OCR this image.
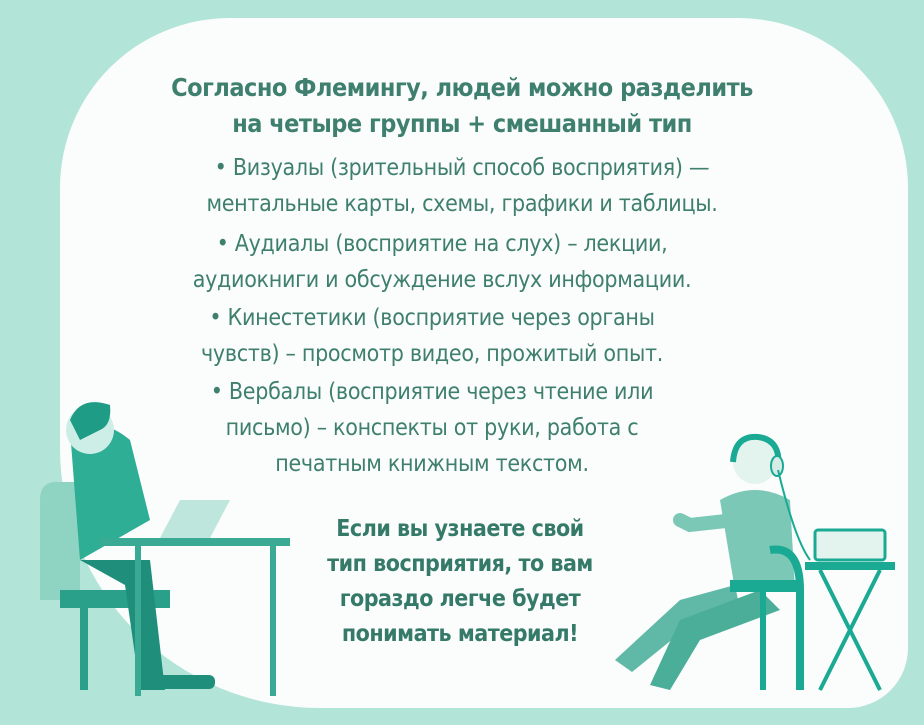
Согласно Флемингу, людей можно разделить
на четыре группы + смешанный тип
• Визуалы (зрительный способ восприятия) —
ментальные карты, схемы, графики и таблицы.
• Аудиалы (восприятие на слух) – лекции,
аудиокниги и обсуждение вслух информации.
• Кинестетики (восприятие через органы
чувств) – просмотр видео, прожитый опыт.
• Вербалы (восприятие через чтение или
письмо) – конспекты от руки, работа с
печатным книжным текстом.
Если вы узнаете свой
тип восприятия, то вам
гораздо легче будет
понимать материал!
